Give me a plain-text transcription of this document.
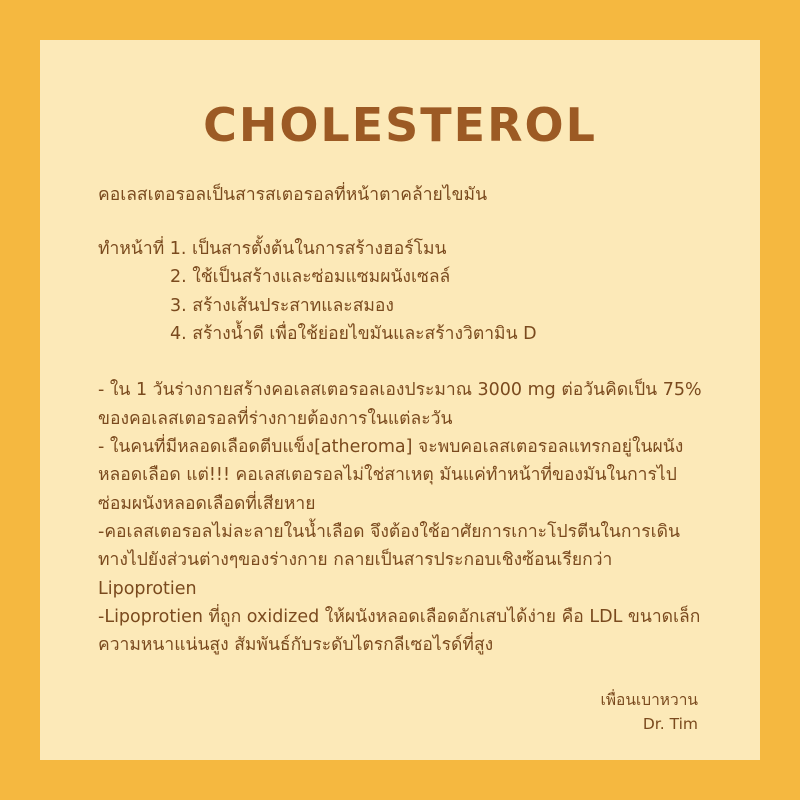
CHOLESTEROL

คอเลสเตอรอลเป็นสารสเตอรอลที่หน้าตาคล้ายไขมัน

ทำหน้าที่ 1. เป็นสารตั้งต้นในการสร้างฮอร์โมน

2. ใช้เป็นสร้างและซ่อมแซมผนังเซลล์

3. สร้างเส้นประสาทและสมอง

4. สร้างน้ำดี เพื่อใช้ย่อยไขมันและสร้างวิตามิน D

- ใน 1 วันร่างกายสร้างคอเลสเตอรอลเองประมาณ 3000 mg ต่อวันคิดเป็น 75% ของคอเลสเตอรอลที่ร่างกายต้องการในแต่ละวัน

- ในคนที่มีหลอดเลือดตีบแข็ง[atheroma] จะพบคอเลสเตอรอลแทรกอยู่ในผนังหลอดเลือด แต่!!! คอเลสเตอรอลไม่ใช่สาเหตุ มันแค่ทำหน้าที่ของมันในการไปซ่อมผนังหลอดเลือดที่เสียหาย

-คอเลสเตอรอลไม่ละลายในน้ำเลือด จึงต้องใช้อาศัยการเกาะโปรตีนในการเดินทางไปยังส่วนต่างๆของร่างกาย กลายเป็นสารประกอบเชิงซ้อนเรียกว่า Lipoprotien

-Lipoprotien ที่ถูก oxidized ให้ผนังหลอดเลือดอักเสบได้ง่าย คือ LDL ขนาดเล็กความหนาแน่นสูง สัมพันธ์กับระดับไตรกลีเซอไรด์ที่สูง

เพื่อนเบาหวาน
Dr. Tim
